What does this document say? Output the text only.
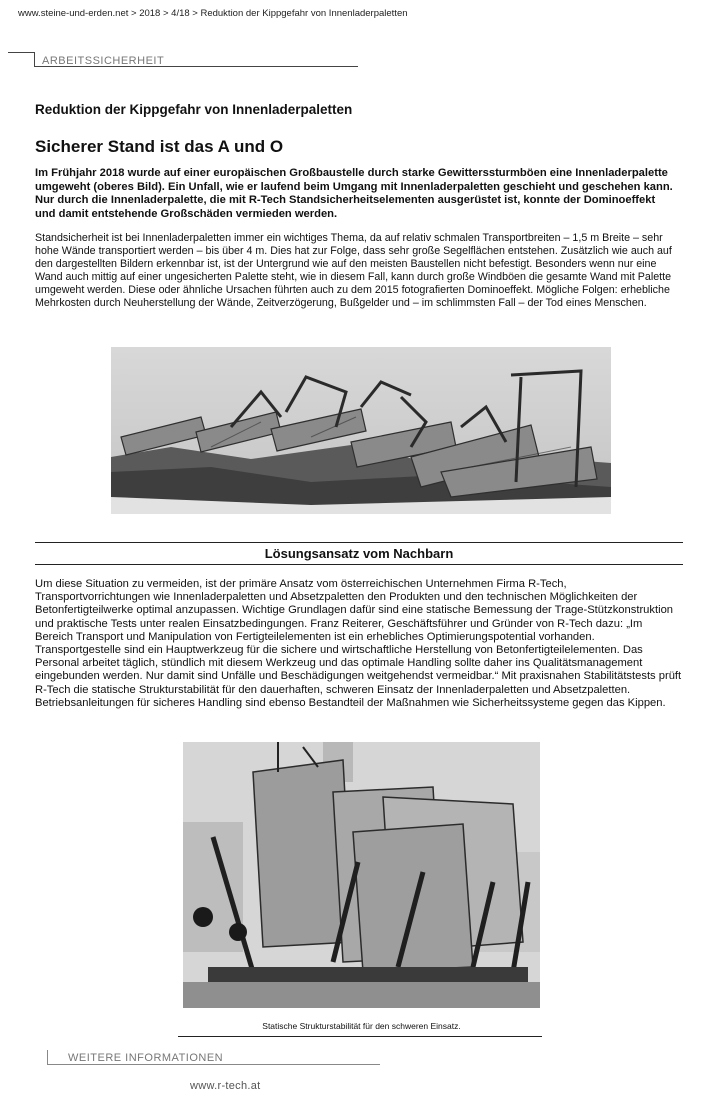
www.steine-und-erden.net > 2018 > 4/18 > Reduktion der Kippgefahr von Innenladerpaletten
ARBEITSSICHERHEIT
Reduktion der Kippgefahr von Innenladerpaletten
Sicherer Stand ist das A und O
Im Frühjahr 2018 wurde auf einer europäischen Großbaustelle durch starke Gewitterssturmböen eine Innenladerpalette umgeweht (oberes Bild). Ein Unfall, wie er laufend beim Umgang mit Innenladerpaletten geschieht und geschehen kann. Nur durch die Innenladerpalette, die mit R-Tech Standsicherheitselementen ausgerüstet ist, konnte der Dominoeffekt und damit entstehende Großschäden vermieden werden.
Standsicherheit ist bei Innenladerpaletten immer ein wichtiges Thema, da auf relativ schmalen Transportbreiten – 1,5 m Breite – sehr hohe Wände transportiert werden – bis über 4 m. Dies hat zur Folge, dass sehr große Segelflächen entstehen. Zusätzlich wie auch auf den dargestellten Bildern erkennbar ist, ist der Untergrund wie auf den meisten Baustellen nicht befestigt. Besonders wenn nur eine Wand auch mittig auf einer ungesicherten Palette steht, wie in diesem Fall, kann durch große Windböen die gesamte Wand mit Palette umgeweht werden. Diese oder ähnliche Ursachen führten auch zu dem 2015 fotografierten Dominoeffekt. Mögliche Folgen: erhebliche Mehrkosten durch Neuherstellung der Wände, Zeitverzögerung, Bußgelder und – im schlimmsten Fall – der Tod eines Menschen.
Lösungsansatz vom Nachbarn
Um diese Situation zu vermeiden, ist der primäre Ansatz vom österreichischen Unternehmen Firma R-Tech, Transportvorrichtungen wie Innenladerpaletten und Absetzpaletten den Produkten und den technischen Möglichkeiten der Betonfertigteilwerke optimal anzupassen. Wichtige Grundlagen dafür sind eine statische Bemessung der Trage-Stützkonstruktion und praktische Tests unter realen Einsatzbedingungen. Franz Reiterer, Geschäftsführer und Gründer von R-Tech dazu: „Im Bereich Transport und Manipulation von Fertigteilelementen ist ein erhebliches Optimierungspotential vorhanden. Transportgestelle sind ein Hauptwerkzeug für die sichere und wirtschaftliche Herstellung von Betonfertigteilelementen. Das Personal arbeitet täglich, stündlich mit diesem Werkzeug und das optimale Handling sollte daher ins Qualitätsmanagement eingebunden werden. Nur damit sind Unfälle und Beschädigungen weitgehendst vermeidbar.“ Mit praxisnahen Stabilitätstests prüft R-Tech die statische Strukturstabilität für den dauerhaften, schweren Einsatz der Innenladerpaletten und Absetzpaletten. Betriebsanleitungen für sicheres Handling sind ebenso Bestandteil der Maßnahmen wie Sicherheitssysteme gegen das Kippen.
Statische Strukturstabilität für den schweren Einsatz.
WEITERE INFORMATIONEN
www.r-tech.at
